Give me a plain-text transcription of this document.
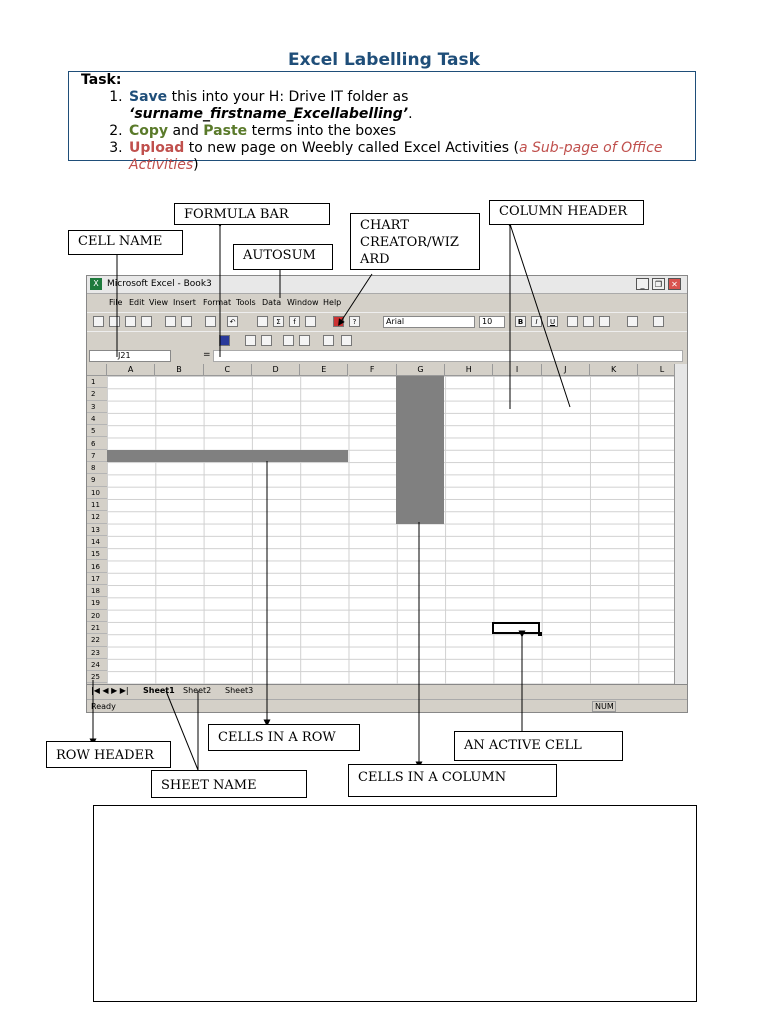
Excel Labelling Task
Task:
1. Save this into your H: Drive IT folder as
‘surname_firstname_Excellabelling’.
2. Copy and Paste terms into the boxes
3. Upload to new page on Weebly called Excel Activities (a Sub-page of Office Activities)
X Microsoft Excel - Book3	_	❐	✕
File Edit View Insert Format Tools Data Window Help
↶	Σ	f	?	Arial	10	B	I	U
J21	=
A	B	C	D	E	F	G	H	I	J	K	L
1
2
3
4
5
6
7
8
9
10
11
12
13
14
15
16
17
18
19
20
21
22
23
24
25
|◀ ◀ ▶ ▶| Sheet1 Sheet2 Sheet3
Ready	NUM
FORMULA BAR
CELL NAME
AUTOSUM
CHART CREATOR/WIZ ARD
COLUMN HEADER
ROW HEADER
CELLS IN A ROW
SHEET NAME
CELLS IN A COLUMN
AN ACTIVE CELL
